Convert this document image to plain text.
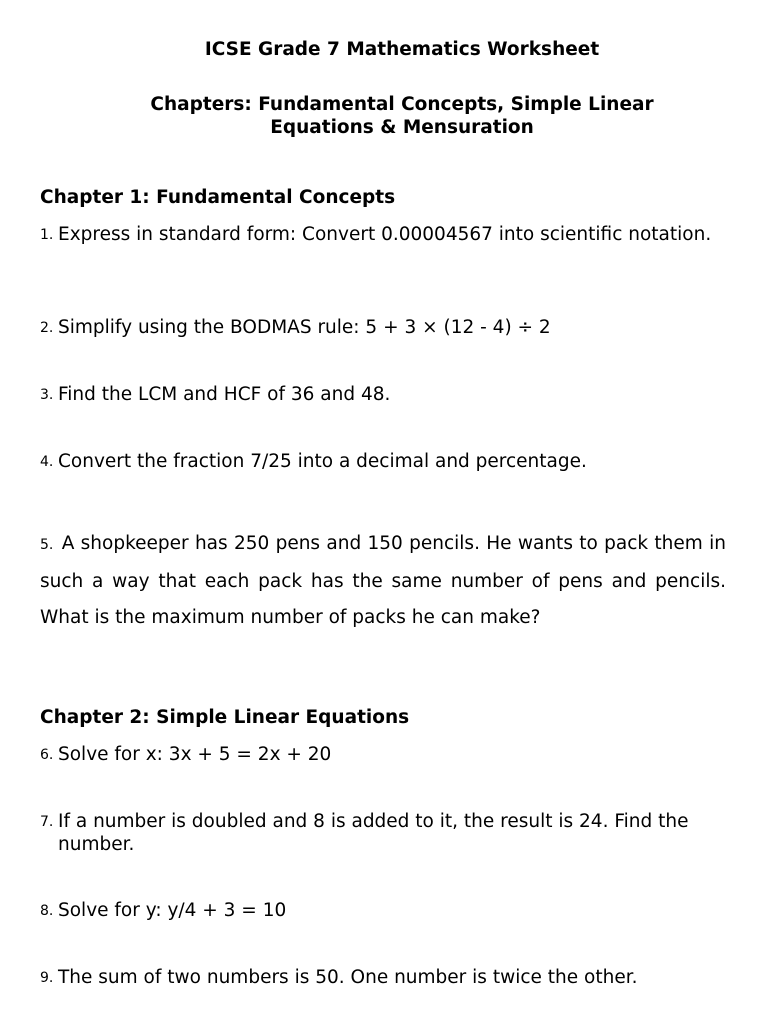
ICSE Grade 7 Mathematics Worksheet
Chapters: Fundamental Concepts, Simple Linear
Equations & Mensuration
Chapter 1: Fundamental Concepts
1. Express in standard form: Convert 0.00004567 into scientific notation.
2. Simplify using the BODMAS rule: 5 + 3 × (12 - 4) ÷ 2
3. Find the LCM and HCF of 36 and 48.
4. Convert the fraction 7/25 into a decimal and percentage.
5. A shopkeeper has 250 pens and 150 pencils. He wants to pack them in such a way that each pack has the same number of pens and pencils. What is the maximum number of packs he can make?
Chapter 2: Simple Linear Equations
6. Solve for x: 3x + 5 = 2x + 20
7. If a number is doubled and 8 is added to it, the result is 24. Find the number.
8. Solve for y: y/4 + 3 = 10
9. The sum of two numbers is 50. One number is twice the other.
